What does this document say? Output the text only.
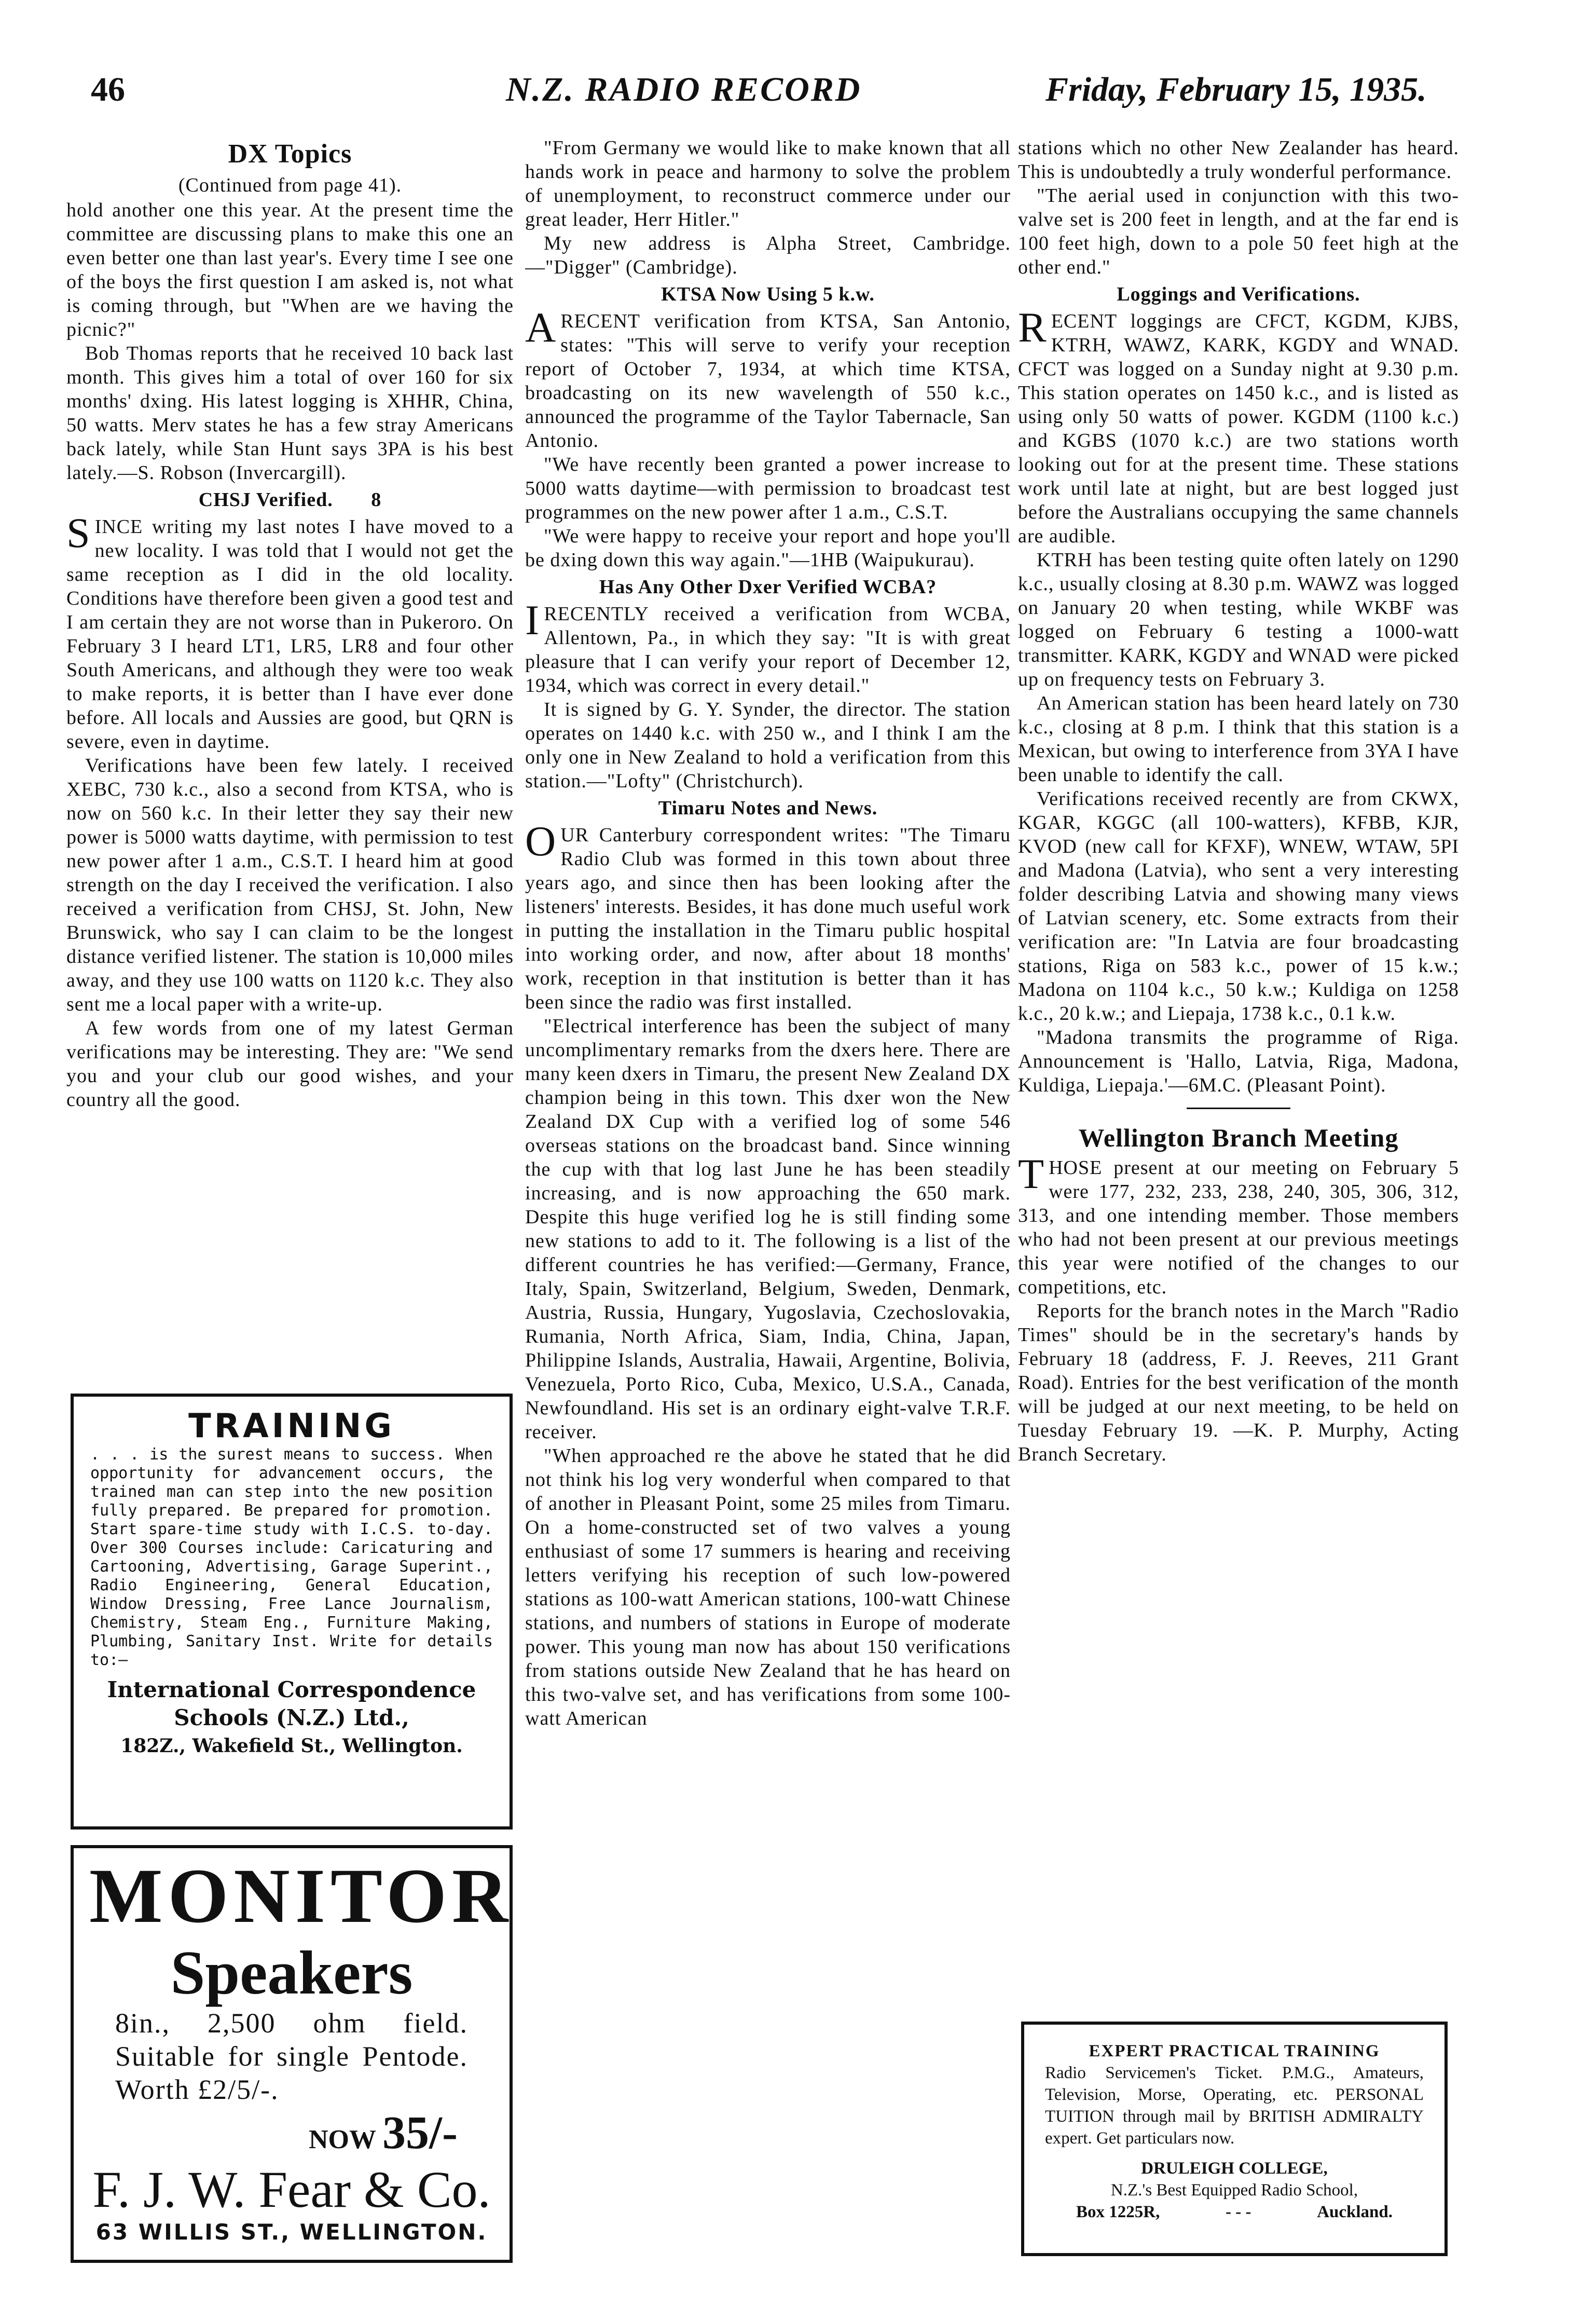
46	N.Z. RADIO RECORD	Friday, February 15, 1935.
DX Topics
(Continued from page 41).

hold another one this year. At the present time the committee are discussing plans to make this one an even better one than last year's. Every time I see one of the boys the first question I am asked is, not what is coming through, but "When are we having the picnic?"

Bob Thomas reports that he received 10 back last month. This gives him a total of over 160 for six months' dxing. His latest logging is XHHR, China, 50 watts. Merv states he has a few stray Americans back lately, while Stan Hunt says 3PA is his best lately.—S. Robson (Invercargill).

CHSJ Verified.       8

SINCE writing my last notes I have moved to a new locality. I was told that I would not get the same reception as I did in the old locality. Conditions have therefore been given a good test and I am certain they are not worse than in Pukeroro. On February 3 I heard LT1, LR5, LR8 and four other South Americans, and although they were too weak to make reports, it is better than I have ever done before. All locals and Aussies are good, but QRN is severe, even in daytime.

Verifications have been few lately. I received XEBC, 730 k.c., also a second from KTSA, who is now on 560 k.c. In their letter they say their new power is 5000 watts daytime, with permission to test new power after 1 a.m., C.S.T. I heard him at good strength on the day I received the verification. I also received a verification from CHSJ, St. John, New Brunswick, who say I can claim to be the longest distance verified listener. The station is 10,000 miles away, and they use 100 watts on 1120 k.c. They also sent me a local paper with a write-up.

A few words from one of my latest German verifications may be interesting. They are: "We send you and your club our good wishes, and your country all the good.

TRAINING
. . . is the surest means to success. When opportunity for advancement occurs, the trained man can step into the new position fully prepared. Be prepared for promotion. Start spare-time study with I.C.S. to-day. Over 300 Courses include: Caricaturing and Cartooning, Advertising, Garage Superint., Radio Engineering, General Education, Window Dressing, Free Lance Journalism, Chemistry, Steam Eng., Furniture Making, Plumbing, Sanitary Inst. Write for details to:—
International Correspondence
Schools (N.Z.) Ltd.,
182Z., Wakefield St., Wellington.
MONITOR
Speakers
8in., 2,500 ohm field. Suitable for single Pentode. Worth £2/5/-.
NOW 35/-
F. J. W. Fear & Co.
63 WILLIS ST., WELLINGTON.

"From Germany we would like to make known that all hands work in peace and harmony to solve the problem of unemployment, to reconstruct commerce under our great leader, Herr Hitler."

My new address is Alpha Street, Cambridge.—"Digger" (Cambridge).

KTSA Now Using 5 k.w.

ARECENT verification from KTSA, San Antonio, states: "This will serve to verify your reception report of October 7, 1934, at which time KTSA, broadcasting on its new wavelength of 550 k.c., announced the programme of the Taylor Tabernacle, San Antonio.

"We have recently been granted a power increase to 5000 watts daytime—with permission to broadcast test programmes on the new power after 1 a.m., C.S.T.

"We were happy to receive your report and hope you'll be dxing down this way again."—1HB (Waipukurau).

Has Any Other Dxer Verified WCBA?

IRECENTLY received a verification from WCBA, Allentown, Pa., in which they say: "It is with great pleasure that I can verify your report of December 12, 1934, which was correct in every detail."

It is signed by G. Y. Synder, the director. The station operates on 1440 k.c. with 250 w., and I think I am the only one in New Zealand to hold a verification from this station.—"Lofty" (Christchurch).

Timaru Notes and News.

OUR Canterbury correspondent writes: "The Timaru Radio Club was formed in this town about three years ago, and since then has been looking after the listeners' interests. Besides, it has done much useful work in putting the installation in the Timaru public hospital into working order, and now, after about 18 months' work, reception in that institution is better than it has been since the radio was first installed.

"Electrical interference has been the subject of many uncomplimentary remarks from the dxers here. There are many keen dxers in Timaru, the present New Zealand DX champion being in this town. This dxer won the New Zealand DX Cup with a verified log of some 546 overseas stations on the broadcast band. Since winning the cup with that log last June he has been steadily increasing, and is now approaching the 650 mark. Despite this huge verified log he is still finding some new stations to add to it. The following is a list of the different countries he has verified:—Germany, France, Italy, Spain, Switzerland, Belgium, Sweden, Denmark, Austria, Russia, Hungary, Yugoslavia, Czechoslovakia, Rumania, North Africa, Siam, India, China, Japan, Philippine Islands, Australia, Hawaii, Argentine, Bolivia, Venezuela, Porto Rico, Cuba, Mexico, U.S.A., Canada, Newfoundland. His set is an ordinary eight-valve T.R.F. receiver.

"When approached re the above he stated that he did not think his log very wonderful when compared to that of another in Pleasant Point, some 25 miles from Timaru. On a home-constructed set of two valves a young enthusiast of some 17 summers is hearing and receiving letters verifying his reception of such low-powered stations as 100-watt American stations, 100-watt Chinese stations, and numbers of stations in Europe of moderate power. This young man now has about 150 verifications from stations outside New Zealand that he has heard on this two-valve set, and has verifications from some 100-watt American

stations which no other New Zealander has heard. This is undoubtedly a truly wonderful performance.

"The aerial used in conjunction with this two-valve set is 200 feet in length, and at the far end is 100 feet high, down to a pole 50 feet high at the other end."

Loggings and Verifications.

RECENT loggings are CFCT, KGDM, KJBS, KTRH, WAWZ, KARK, KGDY and WNAD. CFCT was logged on a Sunday night at 9.30 p.m. This station operates on 1450 k.c., and is listed as using only 50 watts of power. KGDM (1100 k.c.) and KGBS (1070 k.c.) are two stations worth looking out for at the present time. These stations work until late at night, but are best logged just before the Australians occupying the same channels are audible.

KTRH has been testing quite often lately on 1290 k.c., usually closing at 8.30 p.m. WAWZ was logged on January 20 when testing, while WKBF was logged on February 6 testing a 1000-watt transmitter. KARK, KGDY and WNAD were picked up on frequency tests on February 3.

An American station has been heard lately on 730 k.c., closing at 8 p.m. I think that this station is a Mexican, but owing to interference from 3YA I have been unable to identify the call.

Verifications received recently are from CKWX, KGAR, KGGC (all 100-watters), KFBB, KJR, KVOD (new call for KFXF), WNEW, WTAW, 5PI and Madona (Latvia), who sent a very interesting folder describing Latvia and showing many views of Latvian scenery, etc. Some extracts from their verification are: "In Latvia are four broadcasting stations, Riga on 583 k.c., power of 15 k.w.; Madona on 1104 k.c., 50 k.w.; Kuldiga on 1258 k.c., 20 k.w.; and Liepaja, 1738 k.c., 0.1 k.w.

"Madona transmits the programme of Riga. Announcement is 'Hallo, Latvia, Riga, Madona, Kuldiga, Liepaja.'—6M.C. (Pleasant Point).

Wellington Branch Meeting

THOSE present at our meeting on February 5 were 177, 232, 233, 238, 240, 305, 306, 312, 313, and one intending member. Those members who had not been present at our previous meetings this year were notified of the changes to our competitions, etc.

Reports for the branch notes in the March "Radio Times" should be in the secretary's hands by February 18 (address, F. J. Reeves, 211 Grant Road). Entries for the best verification of the month will be judged at our next meeting, to be held on Tuesday February 19. —K. P. Murphy, Acting Branch Secretary.

EXPERT PRACTICAL TRAINING
Radio Servicemen's Ticket. P.M.G., Amateurs, Television, Morse, Operating, etc. PERSONAL TUITION through mail by BRITISH ADMIRALTY expert. Get particulars now.
DRULEIGH COLLEGE,
N.Z.'s Best Equipped Radio School,
Box 1225R,	- - -	Auckland.
